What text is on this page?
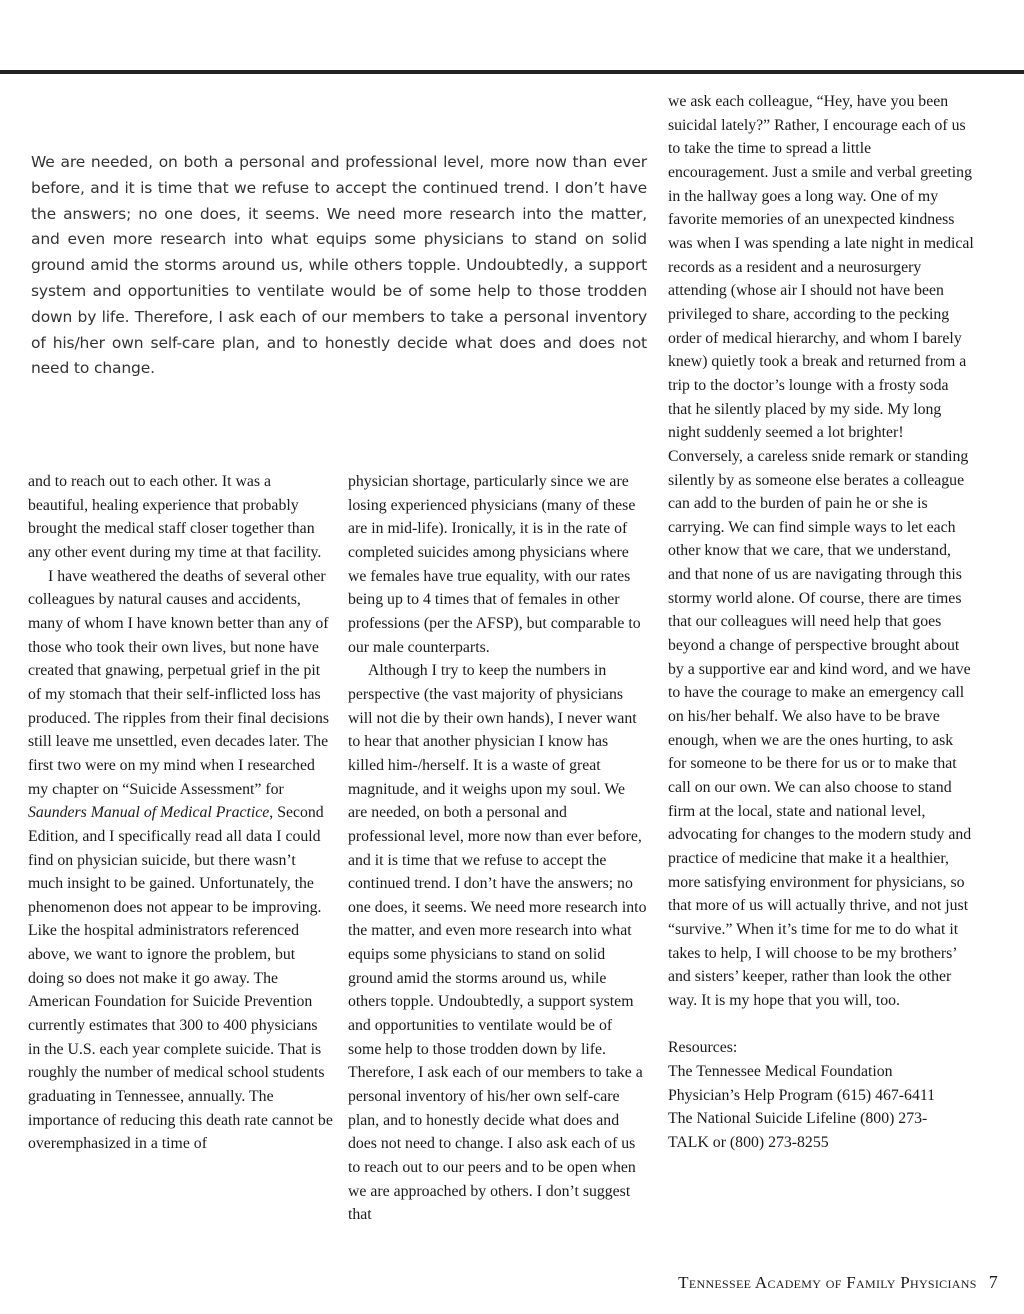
We are needed, on both a personal and professional level, more now than ever before, and it is time that we refuse to accept the continued trend. I don’t have the answers; no one does, it seems. We need more research into the matter, and even more research into what equips some physicians to stand on solid ground amid the storms around us, while others topple. Undoubtedly, a support system and opportunities to ventilate would be of some help to those trodden down by life. Therefore, I ask each of our members to take a personal inventory of his/her own self-care plan, and to honestly decide what does and does not need to change.

and to reach out to each other. It was a beautiful, healing experience that probably brought the medical staff closer together than any other event during my time at that facility.

I have weathered the deaths of several other colleagues by natural causes and accidents, many of whom I have known better than any of those who took their own lives, but none have created that gnawing, perpetual grief in the pit of my stomach that their self-inflicted loss has produced. The ripples from their final decisions still leave me unsettled, even decades later. The first two were on my mind when I researched my chapter on “Suicide Assessment” for Saunders Manual of Medical Practice, Second Edition, and I specifically read all data I could find on physician suicide, but there wasn’t much insight to be gained. Unfortunately, the phenomenon does not appear to be improving. Like the hospital administrators referenced above, we want to ignore the problem, but doing so does not make it go away. The American Foundation for Suicide Prevention currently estimates that 300 to 400 physicians in the U.S. each year complete suicide. That is roughly the number of medical school students graduating in Tennessee, annually. The importance of reducing this death rate cannot be overemphasized in a time of

physician shortage, particularly since we are losing experienced physicians (many of these are in mid-life). Ironically, it is in the rate of completed suicides among physicians where we females have true equality, with our rates being up to 4 times that of females in other professions (per the AFSP), but comparable to our male counterparts.

Although I try to keep the numbers in perspective (the vast majority of physicians will not die by their own hands), I never want to hear that another physician I know has killed him-/herself. It is a waste of great magnitude, and it weighs upon my soul. We are needed, on both a personal and professional level, more now than ever before, and it is time that we refuse to accept the continued trend. I don’t have the answers; no one does, it seems. We need more research into the matter, and even more research into what equips some physicians to stand on solid ground amid the storms around us, while others topple. Undoubtedly, a support system and opportunities to ventilate would be of some help to those trodden down by life. Therefore, I ask each of our members to take a personal inventory of his/her own self-care plan, and to honestly decide what does and does not need to change. I also ask each of us to reach out to our peers and to be open when we are approached by others. I don’t suggest that

we ask each colleague, “Hey, have you been suicidal lately?” Rather, I encourage each of us to take the time to spread a little encouragement. Just a smile and verbal greeting in the hallway goes a long way. One of my favorite memories of an unexpected kindness was when I was spending a late night in medical records as a resident and a neurosurgery attending (whose air I should not have been privileged to share, according to the pecking order of medical hierarchy, and whom I barely knew) quietly took a break and returned from a trip to the doctor’s lounge with a frosty soda that he silently placed by my side. My long night suddenly seemed a lot brighter! Conversely, a careless snide remark or standing silently by as someone else berates a colleague can add to the burden of pain he or she is carrying. We can find simple ways to let each other know that we care, that we understand, and that none of us are navigating through this stormy world alone. Of course, there are times that our colleagues will need help that goes beyond a change of perspective brought about by a supportive ear and kind word, and we have to have the courage to make an emergency call on his/her behalf. We also have to be brave enough, when we are the ones hurting, to ask for someone to be there for us or to make that call on our own. We can also choose to stand firm at the local, state and national level, advocating for changes to the modern study and practice of medicine that make it a healthier, more satisfying environment for physicians, so that more of us will actually thrive, and not just “survive.” When it’s time for me to do what it takes to help, I will choose to be my brothers’ and sisters’ keeper, rather than look the other way. It is my hope that you will, too.

Resources:

The Tennessee Medical Foundation

Physician’s Help Program (615) 467-6411

The National Suicide Lifeline (800) 273-

TALK or (800) 273-8255

Tennessee Academy of Family Physicians 7
